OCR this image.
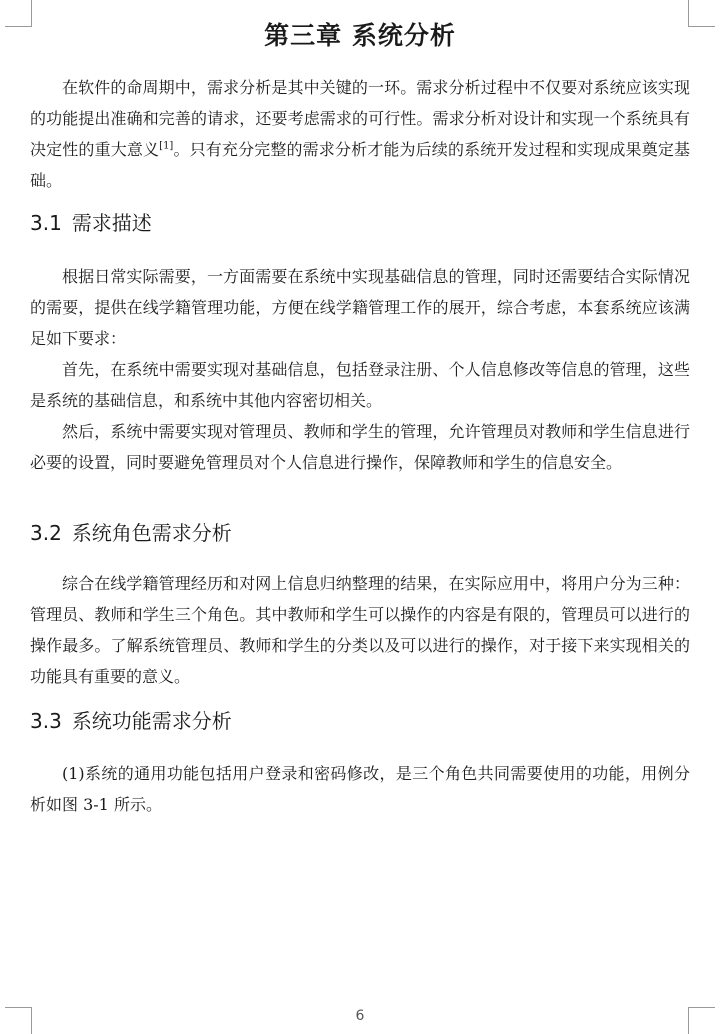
第三章 系统分析

在软件的命周期中，需求分析是其中关键的一环。需求分析过程中不仅要对系统应该实现的功能提出准确和完善的请求，还要考虑需求的可行性。需求分析对设计和实现一个系统具有决定性的重大意义[1]。只有充分完整的需求分析才能为后续的系统开发过程和实现成果奠定基础。

3.1 需求描述

根据日常实际需要，一方面需要在系统中实现基础信息的管理，同时还需要结合实际情况的需要，提供在线学籍管理功能，方便在线学籍管理工作的展开，综合考虑，本套系统应该满足如下要求：

首先，在系统中需要实现对基础信息，包括登录注册、个人信息修改等信息的管理，这些是系统的基础信息，和系统中其他内容密切相关。

然后，系统中需要实现对管理员、教师和学生的管理，允许管理员对教师和学生信息进行必要的设置，同时要避免管理员对个人信息进行操作，保障教师和学生的信息安全。

3.2 系统角色需求分析

综合在线学籍管理经历和对网上信息归纳整理的结果，在实际应用中，将用户分为三种：管理员、教师和学生三个角色。其中教师和学生可以操作的内容是有限的，管理员可以进行的操作最多。了解系统管理员、教师和学生的分类以及可以进行的操作，对于接下来实现相关的功能具有重要的意义。

3.3 系统功能需求分析

(1)系统的通用功能包括用户登录和密码修改，是三个角色共同需要使用的功能，用例分析如图 3-1 所示。

6
